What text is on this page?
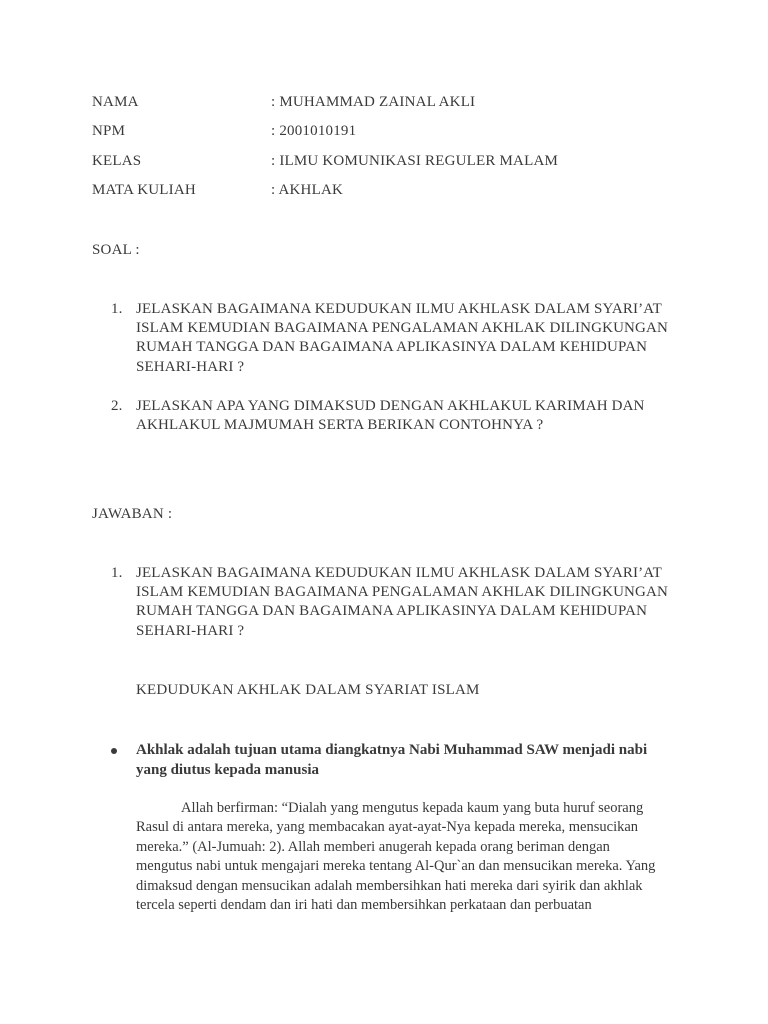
NAMA	: MUHAMMAD ZAINAL AKLI
NPM	: 2001010191
KELAS	: ILMU KOMUNIKASI REGULER MALAM
MATA KULIAH	: AKHLAK
SOAL :
1. JELASKAN BAGAIMANA KEDUDUKAN ILMU AKHLASK DALAM SYARI’AT ISLAM KEMUDIAN BAGAIMANA PENGALAMAN AKHLAK DILINGKUNGAN RUMAH TANGGA DAN BAGAIMANA APLIKASINYA DALAM KEHIDUPAN SEHARI-HARI ?
2. JELASKAN APA YANG DIMAKSUD DENGAN AKHLAKUL KARIMAH DAN AKHLAKUL MAJMUMAH SERTA BERIKAN CONTOHNYA ?
JAWABAN :
1. JELASKAN BAGAIMANA KEDUDUKAN ILMU AKHLASK DALAM SYARI’AT ISLAM KEMUDIAN BAGAIMANA PENGALAMAN AKHLAK DILINGKUNGAN RUMAH TANGGA DAN BAGAIMANA APLIKASINYA DALAM KEHIDUPAN SEHARI-HARI ?
KEDUDUKAN AKHLAK DALAM SYARIAT ISLAM
Akhlak adalah tujuan utama diangkatnya Nabi Muhammad SAW menjadi nabi yang diutus kepada manusia
Allah berfirman: “Dialah yang mengutus kepada kaum yang buta huruf seorang Rasul di antara mereka, yang membacakan ayat-ayat-Nya kepada mereka, mensucikan mereka.” (Al-Jumuah: 2). Allah memberi anugerah kepada orang beriman dengan mengutus nabi untuk mengajari mereka tentang Al-Qur`an dan mensucikan mereka. Yang dimaksud dengan mensucikan adalah membersihkan hati mereka dari syirik dan akhlak tercela seperti dendam dan iri hati dan membersihkan perkataan dan perbuatan
